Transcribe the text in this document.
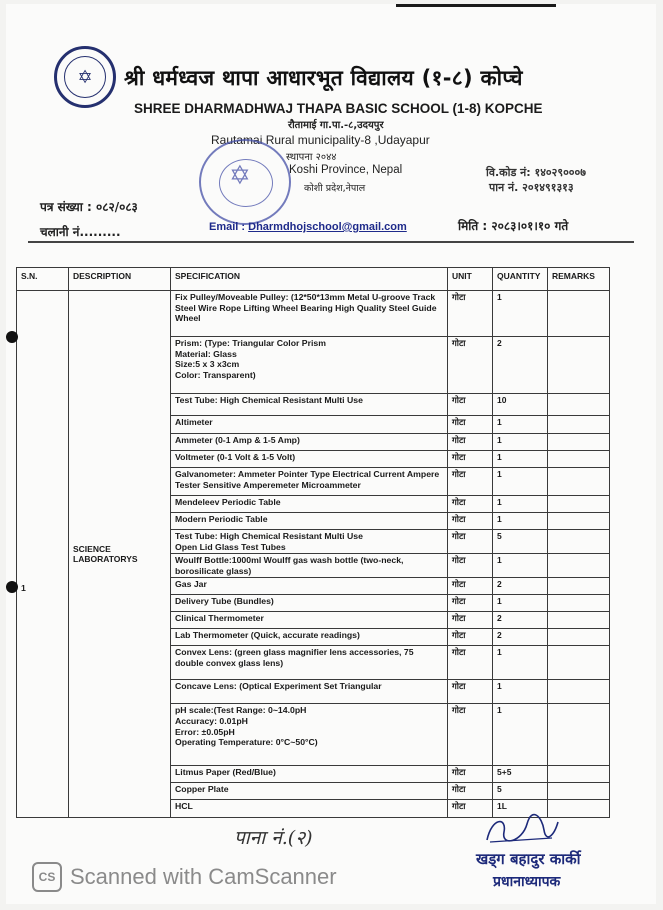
✡	श्री धर्मध्वज थापा आधारभूत विद्यालय (१-८) कोप्चे
SHREE DHARMADHWAJ THAPA BASIC SCHOOL (1-8) KOPCHE
रौतामाई गा.पा.-८,उदयपुर
Rautamai Rural municipality-8 ,Udayapur
स्थापना २०४४
Koshi Province, Nepal
कोशी प्रदेश,नेपाल
✡	वि.कोड नं: १४०२९०००७
पान नं. २०१४९१३१३
पत्र संख्या : ०८२/०८३
चलानी नं.........	Email : Dharmdhojschool@gmail.com	मिति : २०८३।०१।१० गते
S.N.	DESCRIPTION	SPECIFICATION	UNIT	QUANTITY	REMARKS
1	SCIENCE LABORATORYS	Fix Pulley/Moveable Pulley: (12*50*13mm Metal U-groove Track Steel Wire Rope Lifting Wheel Bearing High Quality Steel Guide Wheel	गोटा	1	
		Prism: (Type: Triangular Color Prism
Material: Glass
Size:5 x 3 x3cm
Color: Transparent)	गोटा	2	
		Test Tube: High Chemical Resistant Multi Use	गोटा	10	
		Altimeter	गोटा	1	
		Ammeter (0-1 Amp & 1-5 Amp)	गोटा	1	
		Voltmeter (0-1 Volt & 1-5 Volt)	गोटा	1	
		Galvanometer: Ammeter Pointer Type Electrical Current Ampere Tester Sensitive Amperemeter Microammeter	गोटा	1	
		Mendeleev Periodic Table	गोटा	1	
		Modern Periodic Table	गोटा	1	
		Test Tube: High Chemical Resistant Multi Use
Open Lid Glass Test Tubes	गोटा	5	
		Woulff Bottle:1000ml Woulff gas wash bottle (two-neck, borosilicate glass)	गोटा	1	
		Gas Jar	गोटा	2	
		Delivery Tube (Bundles)	गोटा	1	
		Clinical Thermometer	गोटा	2	
		Lab Thermometer (Quick, accurate readings)	गोटा	2	
		Convex Lens: (green glass magnifier lens accessories, 75 double convex glass lens)	गोटा	1	
		Concave Lens: (Optical Experiment Set Triangular	गोटा	1	
		pH scale:(Test Range: 0~14.0pH
Accuracy: 0.01pH
Error: ±0.05pH
Operating Temperature: 0°C~50°C)	गोटा	1	
		Litmus Paper (Red/Blue)	गोटा	5+5	
		Copper Plate	गोटा	5	
		HCL	गोटा	1L	
पाना नं.(२)
खड्ग बहादुर कार्की
प्रधानाध्यापक
CS Scanned with CamScanner
